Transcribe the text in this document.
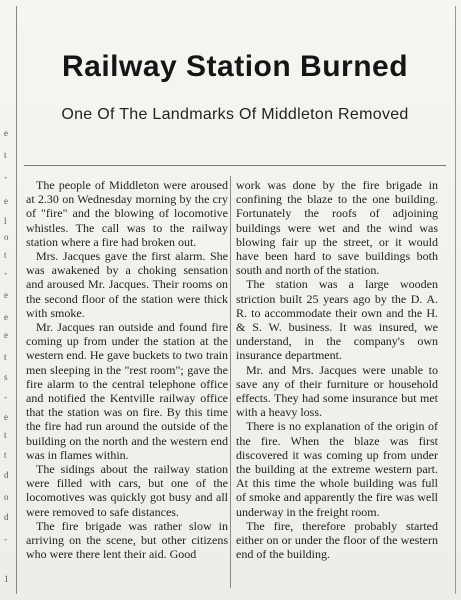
e
t
-
e
l
o
t
-
e
e
e
t
s
-
e
t
t
d
o
d
-
1
Railway Station Burned
One Of The Landmarks Of Middleton Removed

The people of Middleton were aroused at 2.30 on Wednesday morning by the cry of "fire" and the blowing of locomotive whistles. The call was to the railway station where a fire had broken out.

Mrs. Jacques gave the first alarm. She was awakened by a choking sensation and aroused Mr. Jacques. Their rooms on the second floor of the station were thick with smoke.

Mr. Jacques ran outside and found fire coming up from under the station at the western end. He gave buckets to two train men sleeping in the "rest room"; gave the fire alarm to the central telephone office and notified the Kentville railway office that the station was on fire. By this time the fire had run around the outside of the building on the north and the western end was in flames within.

The sidings about the railway station were filled with cars, but one of the locomotives was quickly got busy and all were removed to safe distances.

The fire brigade was rather slow in arriving on the scene, but other citizens who were there lent their aid. Good

work was done by the fire brigade in confining the blaze to the one building. Fortunately the roofs of adjoining buildings were wet and the wind was blowing fair up the street, or it would have been hard to save buildings both south and north of the station.

The station was a large wooden striction built 25 years ago by the D. A. R. to accommodate their own and the H. & S. W. business. It was insured, we understand, in the company's own insurance department.

Mr. and Mrs. Jacques were unable to save any of their furniture or household effects. They had some insurance but met with a heavy loss.

There is no explanation of the origin of the fire. When the blaze was first discovered it was coming up from under the building at the extreme western part. At this time the whole building was full of smoke and apparently the fire was well underway in the freight room.

The fire, therefore probably started either on or under the floor of the western end of the building.
